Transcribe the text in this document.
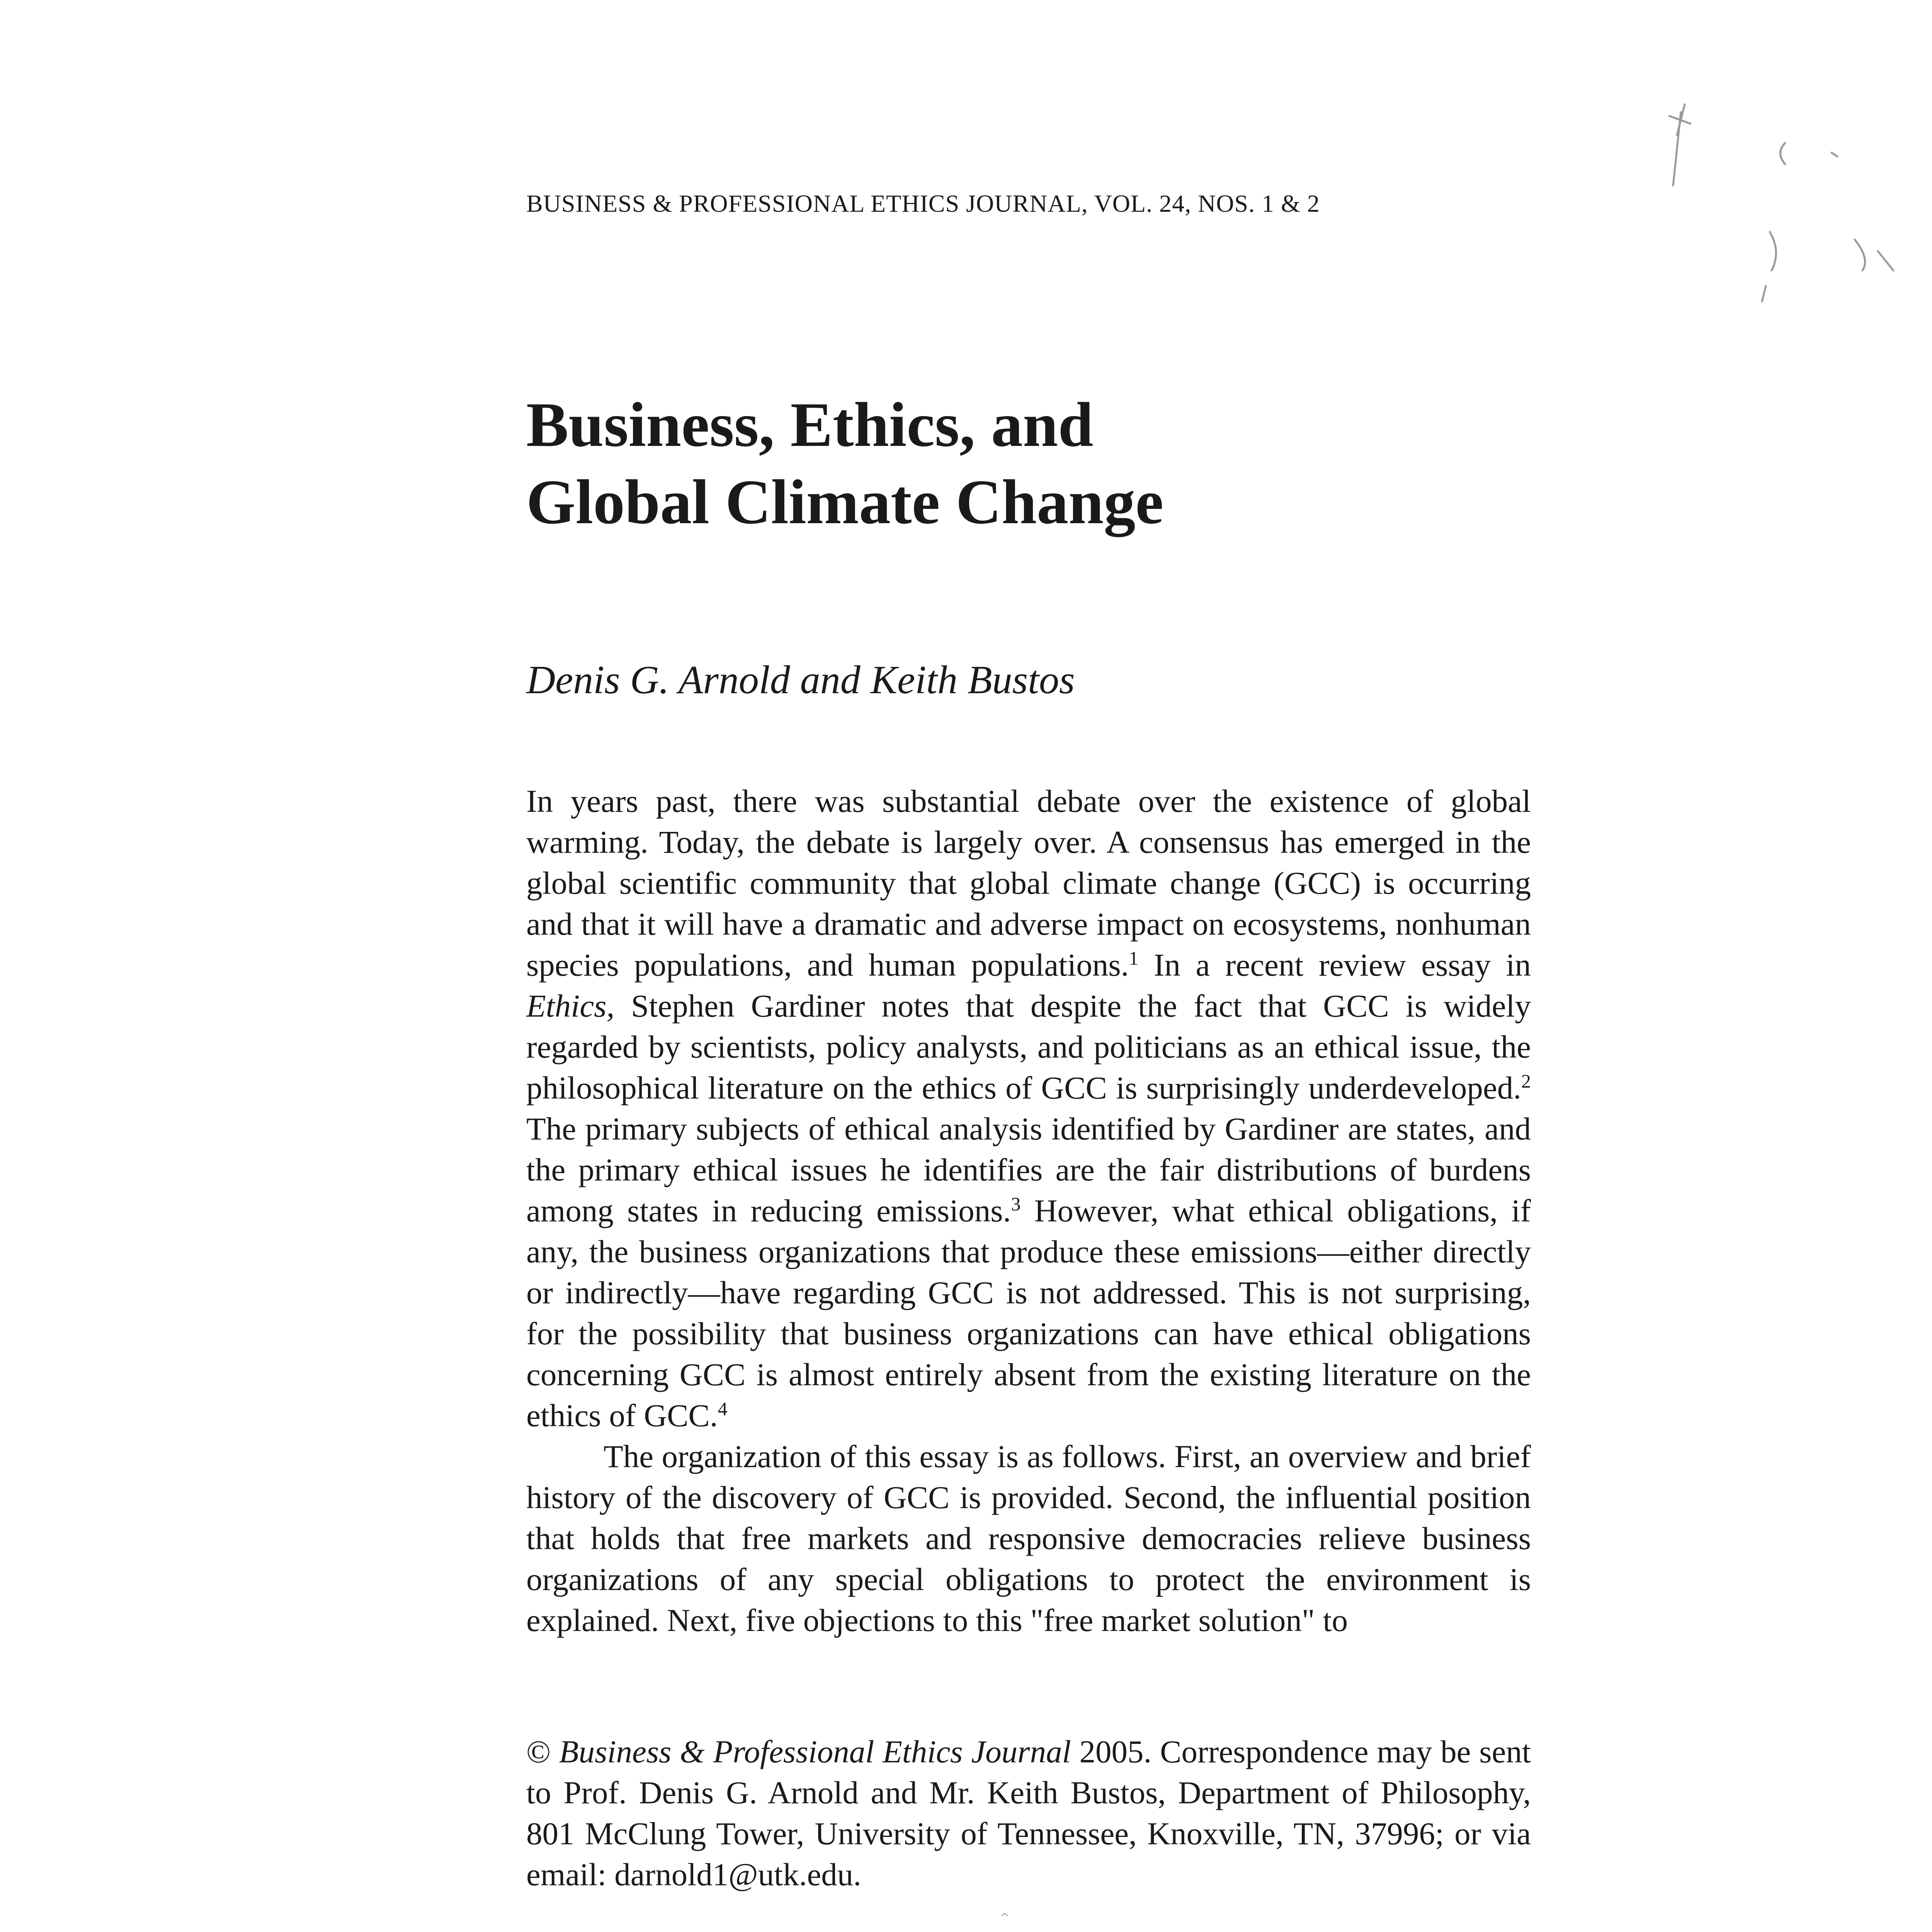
BUSINESS & PROFESSIONAL ETHICS JOURNAL, VOL. 24, NOS. 1 & 2
Business, Ethics, and
Global Climate Change
Denis G. Arnold and Keith Bustos

In years past, there was substantial debate over the existence of global warming. Today, the debate is largely over. A consensus has emerged in the global scientific community that global climate change (GCC) is occurring and that it will have a dramatic and adverse impact on ecosystems, nonhuman species populations, and human populations.$^1$ In a recent review essay in Ethics, Stephen Gardiner notes that despite the fact that GCC is widely regarded by scientists, policy analysts, and politicians as an ethical issue, the philosophical literature on the ethics of GCC is surprisingly underdeveloped.$^2$ The primary subjects of ethical analysis identified by Gardiner are states, and the primary ethical issues he identifies are the fair distributions of burdens among states in reducing emissions.$^3$ However, what ethical obligations, if any, the business organizations that produce these emissions—either directly or indirectly—have regarding GCC is not addressed. This is not surprising, for the possibility that business organizations can have ethical obligations concerning GCC is almost entirely absent from the existing literature on the ethics of GCC.$^4$

The organization of this essay is as follows. First, an overview and brief history of the discovery of GCC is provided. Second, the influential position that holds that free markets and responsive democracies relieve business organizations of any special obligations to protect the environment is explained. Next, five objections to this "free market solution" to

© Business & Professional Ethics Journal 2005. Correspondence may be sent to Prof. Denis G. Arnold and Mr. Keith Bustos, Department of Philosophy, 801 McClung Tower, University of Tennessee, Knoxville, TN, 37996; or via email: darnold1@utk.edu.
